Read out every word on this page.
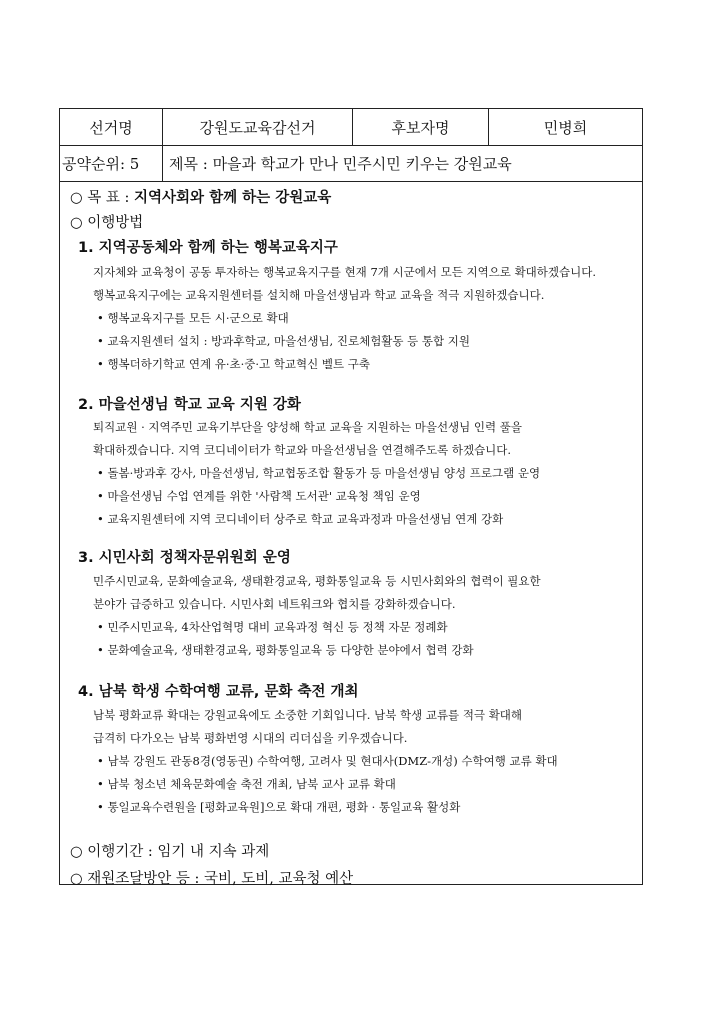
선거명	강원도교육감선거	후보자명	민병희
공약순위: 5	제목 : 마을과 학교가 만나 민주시민 키우는 강원교육
○ 목 표 : 지역사회와 함께 하는 강원교육
○ 이행방법
1. 지역공동체와 함께 하는 행복교육지구
지자체와 교육청이 공동 투자하는 행복교육지구를 현재 7개 시군에서 모든 지역으로 확대하겠습니다.
행복교육지구에는 교육지원센터를 설치해 마을선생님과 학교 교육을 적극 지원하겠습니다.
• 행복교육지구를 모든 시·군으로 확대
• 교육지원센터 설치 : 방과후학교, 마을선생님, 진로체험활동 등 통합 지원
• 행복더하기학교 연계 유·초·중·고 학교혁신 벨트 구축
2. 마을선생님 학교 교육 지원 강화
퇴직교원 · 지역주민 교육기부단을 양성해 학교 교육을 지원하는 마을선생님 인력 풀을
확대하겠습니다. 지역 코디네이터가 학교와 마을선생님을 연결해주도록 하겠습니다.
• 돌봄·방과후 강사, 마을선생님, 학교협동조합 활동가 등 마을선생님 양성 프로그램 운영
• 마을선생님 수업 연계를 위한 '사람책 도서관' 교육청 책임 운영
• 교육지원센터에 지역 코디네이터 상주로 학교 교육과정과 마을선생님 연계 강화
3. 시민사회 정책자문위원회 운영
민주시민교육, 문화예술교육, 생태환경교육, 평화통일교육 등 시민사회와의 협력이 필요한
분야가 급증하고 있습니다. 시민사회 네트워크와 협치를 강화하겠습니다.
• 민주시민교육, 4차산업혁명 대비 교육과정 혁신 등 정책 자문 정례화
• 문화예술교육, 생태환경교육, 평화통일교육 등 다양한 분야에서 협력 강화
4. 남북 학생 수학여행 교류, 문화 축전 개최
남북 평화교류 확대는 강원교육에도 소중한 기회입니다. 남북 학생 교류를 적극 확대해
급격히 다가오는 남북 평화번영 시대의 리더십을 키우겠습니다.
• 남북 강원도 관동8경(영동권) 수학여행, 고려사 및 현대사(DMZ-개성) 수학여행 교류 확대
• 남북 청소년 체육문화예술 축전 개최, 남북 교사 교류 확대
• 통일교육수련원을 [평화교육원]으로 확대 개편, 평화 · 통일교육 활성화
○ 이행기간 : 임기 내 지속 과제
○ 재원조달방안 등 : 국비, 도비, 교육청 예산
